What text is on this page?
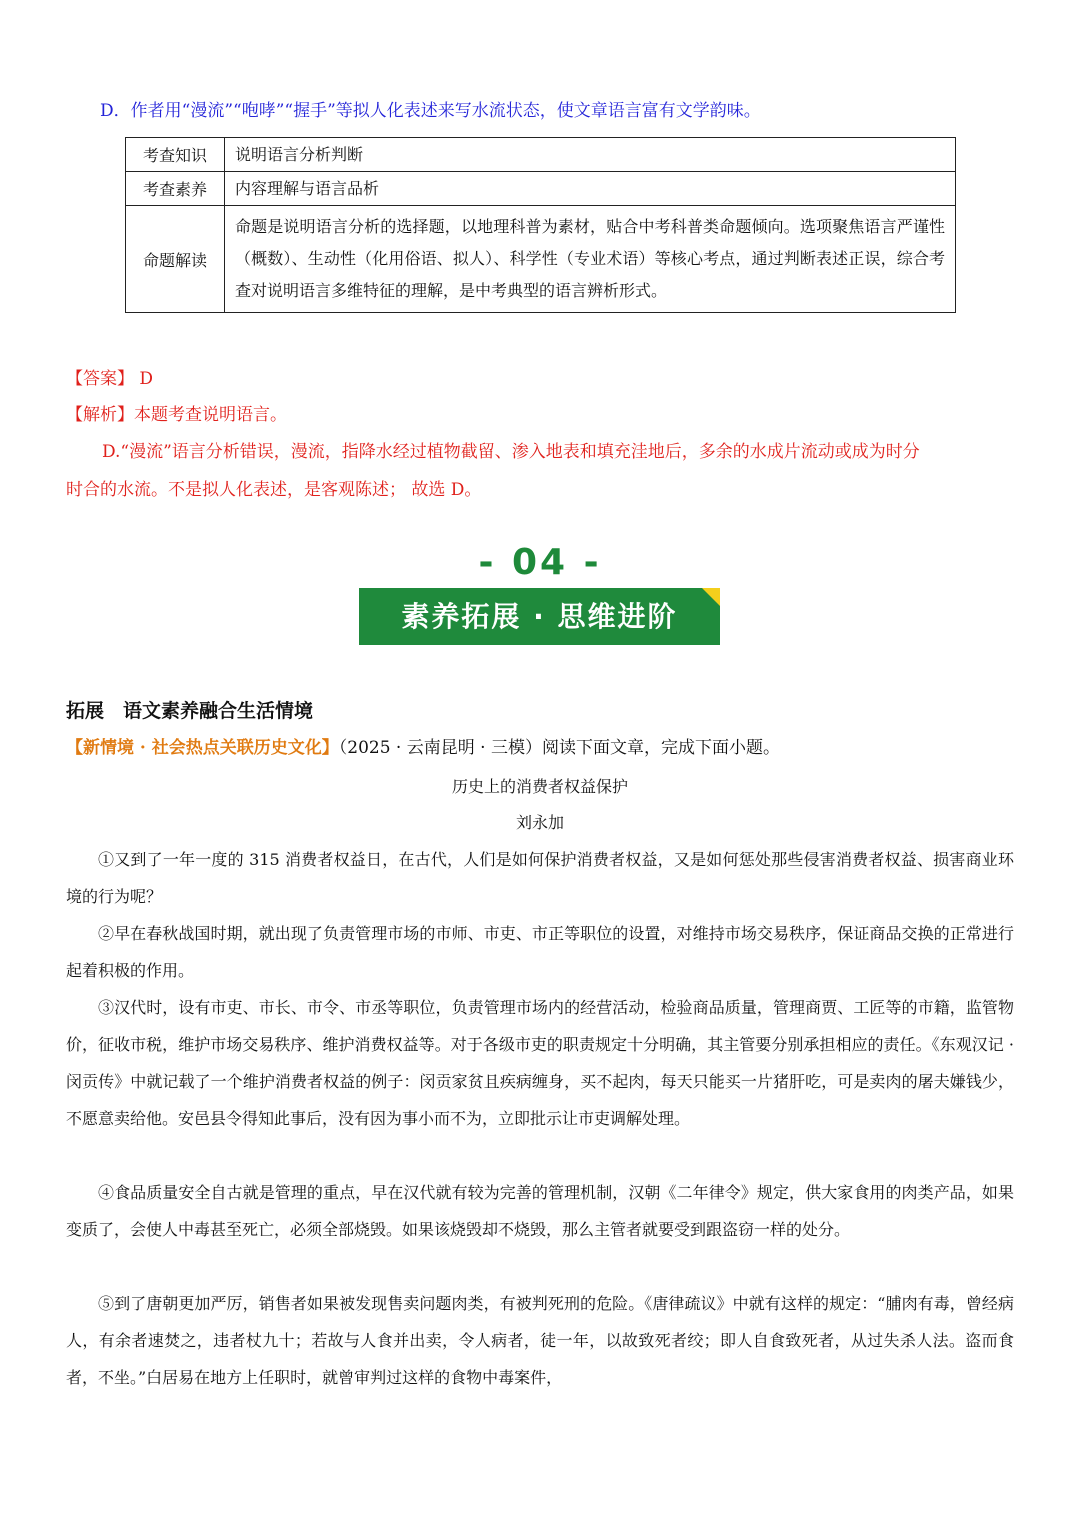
D．作者用“漫流”“咆哮”“握手”等拟人化表述来写水流状态，使文章语言富有文学韵味。
考查知识	说明语言分析判断
考查素养	内容理解与语言品析
命题解读	命题是说明语言分析的选择题，以地理科普为素材，贴合中考科普类命题倾向。选项聚焦语言严谨性（概数）、生动性（化用俗语、拟人）、科学性（专业术语）等核心考点，通过判断表述正误，综合考查对说明语言多维特征的理解，是中考典型的语言辨析形式。
【答案】 D
【解析】本题考查说明语言。
D.“漫流”语言分析错误，漫流，指降水经过植物截留、渗入地表和填充洼地后，多余的水成片流动或成为时分
时合的水流。不是拟人化表述，是客观陈述； 故选 D。
- 04 -
素养拓展 · 思维进阶
拓展　语文素养融合生活情境
【新情境 · 社会热点关联历史文化】（2025 · 云南昆明 · 三模）阅读下面文章，完成下面小题。
历史上的消费者权益保护
刘永加

①又到了一年一度的 315 消费者权益日，在古代，人们是如何保护消费者权益，又是如何惩处那些侵害消费者权益、损害商业环境的行为呢？

②早在春秋战国时期，就出现了负责管理市场的市师、市吏、市正等职位的设置，对维持市场交易秩序，保证商品交换的正常进行起着积极的作用。

③汉代时，设有市吏、市长、市令、市丞等职位，负责管理市场内的经营活动，检验商品质量，管理商贾、工匠等的市籍，监管物价，征收市税，维护市场交易秩序、维护消费权益等。对于各级市吏的职责规定十分明确，其主管要分别承担相应的责任。《东观汉记 · 闵贡传》中就记载了一个维护消费者权益的例子：闵贡家贫且疾病缠身，买不起肉，每天只能买一片猪肝吃，可是卖肉的屠夫嫌钱少，不愿意卖给他。安邑县令得知此事后，没有因为事小而不为，立即批示让市吏调解处理。

④食品质量安全自古就是管理的重点，早在汉代就有较为完善的管理机制，汉朝《二年律令》规定，供大家食用的肉类产品，如果变质了，会使人中毒甚至死亡，必须全部烧毁。如果该烧毁却不烧毁，那么主管者就要受到跟盗窃一样的处分。

⑤到了唐朝更加严厉，销售者如果被发现售卖问题肉类，有被判死刑的危险。《唐律疏议》中就有这样的规定：“脯肉有毒，曾经病人，有余者速焚之，违者杖九十；若故与人食并出卖，令人病者，徒一年，以故致死者绞；即人自食致死者，从过失杀人法。盗而食者，不坐。”白居易在地方上任职时，就曾审判过这样的食物中毒案件，
